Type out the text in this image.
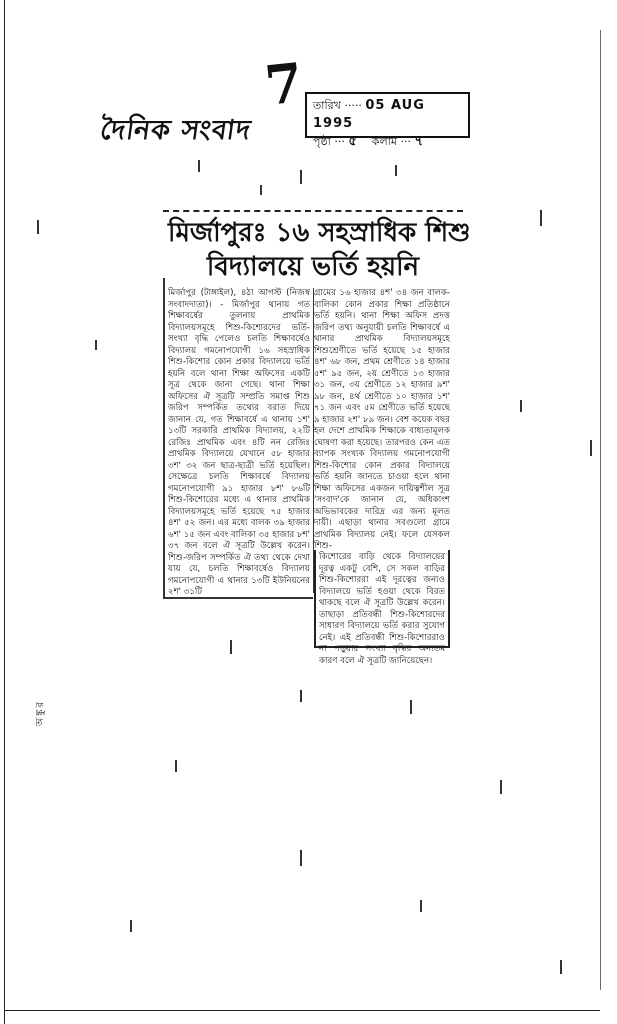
7
দৈনিক সংবাদ
তারিখ ····· 05 AUG 1995
পৃষ্ঠা ··· ৫ কলাম ··· ৭
মির্জাপুরঃ ১৬ সহস্রাধিক শিশু
বিদ্যালয়ে ভর্তি হয়নি
মির্জাপুর (টাঙ্গাইল), ৪ঠা আগস্ট (নিজস্ব সংবাদদাতা)। - মির্জাপুর থানায় গত শিক্ষাবর্ষের তুলনায় প্রাথমিক বিদ্যালয়সমূহে শিশু-কিশোরদের ভর্তি-সংখ্যা বৃদ্ধি পেলেও চলতি শিক্ষাবর্ষেও বিদ্যালয় গমনোপযোগী ১৬ সহস্রাধিক শিশু-কিশোর কোন প্রকার বিদ্যালয়ে ভর্তি হয়নি বলে থানা শিক্ষা অফিসের একটি সূত্র থেকে জানা গেছে। থানা শিক্ষা অফিসের ঐ সূত্রটি সম্প্রতি সমাপ্ত শিশু জরিপ সম্পর্কিত তথ্যের বরাত দিয়ে জানান যে, গত শিক্ষাবর্ষে এ থানায় ১শ' ১৩টি সরকারি প্রাথমিক বিদ্যালয়, ২২টি রেজিঃ প্রাথমিক এবং ৪টি নন রেজিঃ প্রাথমিক বিদ্যালয়ে যেখানে ৫৮ হাজার ৩শ' ৩২ জন ছাত্র-ছাত্রী ভর্তি হয়েছিল। সেক্ষেত্রে চলতি শিক্ষাবর্ষে বিদ্যালয় গমনোপযোগী ৯১ হাজার ৮শ' ৮৬টি শিশু-কিশোরের মধ্যে এ থানার প্রাথমিক বিদ্যালয়সমূহে ভর্তি হয়েছে ৭৫ হাজার ৪শ' ৫২ জন। এর মধ্যে বালক ৩৯ হাজার ৬শ' ১৫ জন এবং বালিকা ৩৫ হাজার ৮শ' ৩৭ জন বলে ঐ সূত্রটি উল্লেখ করেন। শিশু-জরিপ সম্পর্কিত ঐ তথ্য থেকে দেখা যায় যে, চলতি শিক্ষাবর্ষেও বিদ্যালয় গমনোপযোগী এ থানার ১৩টি ইউনিয়নের ২শ' ৩১টি
গ্রামের ১৬ হাজার ৪শ' ৩৪ জন বালক-বালিকা কোন প্রকার শিক্ষা প্রতিষ্ঠানে ভর্তি হয়নি। থানা শিক্ষা অফিস প্রদত্ত জরিপ তথ্য অনুযায়ী চলতি শিক্ষাবর্ষে এ থানার প্রাথমিক বিদ্যালয়সমূহে শিশুশ্রেণীতে ভর্তি হয়েছে ১৫ হাজার ৪শ' ৬৮ জন, প্রথম শ্রেণীতে ১৪ হাজার ৫শ' ৯৫ জন, ২য় শ্রেণীতে ১৩ হাজার ৩১ জন, ৩য় শ্রেণীতে ১২ হাজার ৯শ' ৯৮ জন, ৪র্থ শ্রেণীতে ১০ হাজার ১শ' ৭১ জন এবং ৫ম শ্রেণীতে ভর্তি হয়েছে ৯ হাজার ২শ' ৮৯ জন। বেশ কয়েক বছর হল দেশে প্রাথমিক শিক্ষাকে বাধ্যতামূলক ঘোষণা করা হয়েছে। তারপরও কেন এত ব্যাপক সংখ্যক বিদ্যালয় গমনোপযোগী শিশু-কিশোর কোন প্রকার বিদ্যালয়ে ভর্তি হয়নি জানতে চাওয়া হলে থানা শিক্ষা অফিসের একজন দায়িত্বশীল সূত্র 'সংবাদ'কে জানান যে, অধিকাংশ অভিভাবকের দারিদ্র এর জন্য মূলত দায়ী। এছাড়া থানার সবগুলো গ্রামে প্রাথমিক বিদ্যালয় নেই। ফলে যেসকল শিশু-
কিশোরের বাড়ি থেকে বিদ্যালয়ের দূরত্ব একটু বেশি, সে সকল বাড়ির শিশু-কিশোররা এই দূরত্বের জন্যও বিদ্যালয়ে ভর্তি হওয়া থেকে বিরত থাকছে বলে ঐ সূত্রটি উল্লেখ করেন। তাছাড়া প্রতিবন্ধী শিশু-কিশোরদের সাধারণ বিদ্যালয়ে ভর্তি করার সুযোগ নেই। এই প্রতিবন্ধী শিশু-কিশোররাও না পড়ুয়ার সংখ্যা বৃদ্ধির অন্যতম কারণ বলে ঐ সূত্রটি জানিয়েছেন।
অঙ্কুর
